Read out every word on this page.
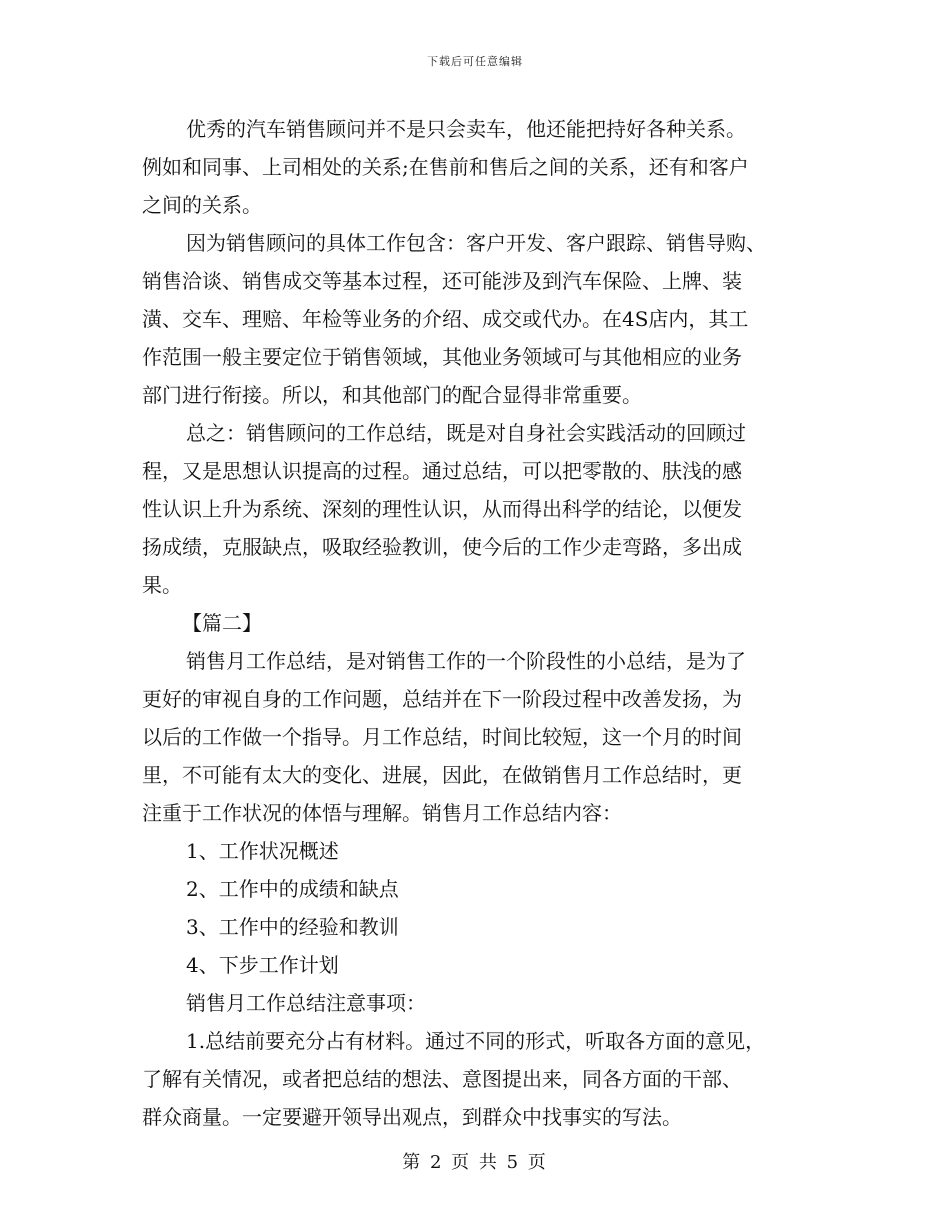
下载后可任意编辑

优秀的汽车销售顾问并不是只会卖车，他还能把持好各种关系。
例如和同事、上司相处的关系;在售前和售后之间的关系，还有和客户
之间的关系。

因为销售顾问的具体工作包含：客户开发、客户跟踪、销售导购、
销售洽谈、销售成交等基本过程，还可能涉及到汽车保险、上牌、装
潢、交车、理赔、年检等业务的介绍、成交或代办。在4S店内，其工
作范围一般主要定位于销售领域，其他业务领域可与其他相应的业务
部门进行衔接。所以，和其他部门的配合显得非常重要。

总之：销售顾问的工作总结，既是对自身社会实践活动的回顾过
程，又是思想认识提高的过程。通过总结，可以把零散的、肤浅的感
性认识上升为系统、深刻的理性认识，从而得出科学的结论，以便发
扬成绩，克服缺点，吸取经验教训，使今后的工作少走弯路，多出成
果。

【篇二】

销售月工作总结，是对销售工作的一个阶段性的小总结，是为了
更好的审视自身的工作问题，总结并在下一阶段过程中改善发扬，为
以后的工作做一个指导。月工作总结，时间比较短，这一个月的时间
里，不可能有太大的变化、进展，因此，在做销售月工作总结时，更
注重于工作状况的体悟与理解。销售月工作总结内容：

1、工作状况概述

2、工作中的成绩和缺点

3、工作中的经验和教训

4、下步工作计划

销售月工作总结注意事项：

1.总结前要充分占有材料。通过不同的形式，听取各方面的意见，
了解有关情况，或者把总结的想法、意图提出来，同各方面的干部、
群众商量。一定要避开领导出观点，到群众中找事实的写法。

第 2 页 共 5 页
